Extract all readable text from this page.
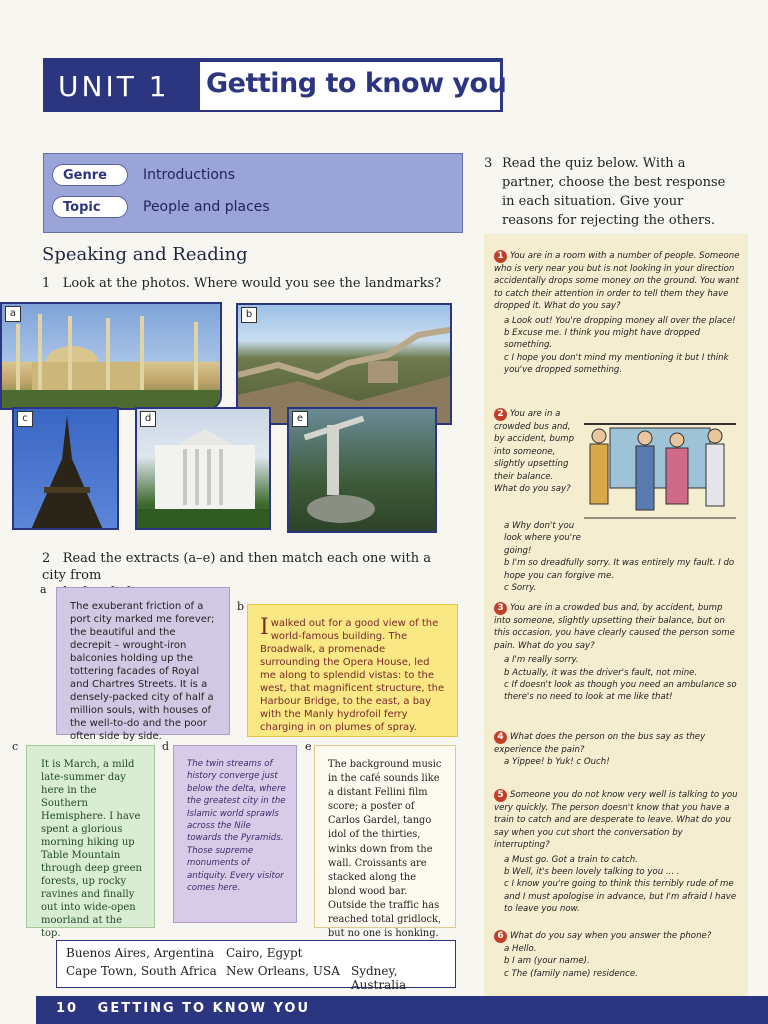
UNIT 1 Getting to know you
Genre	Introductions
Topic	People and places
Speaking and Reading
1 Look at the photos. Where would you see the landmarks?
a	b
c	d	e
2 Read the extracts (a–e) and then match each one with a city from

a
The exuberant friction of a port city marked me forever; the beautiful and the decrepit – wrought-iron balconies holding up the tottering facades of Royal and Chartres Streets. It is a densely-packed city of half a million souls, with houses of the well-to-do and the poor often side by side.
b
I walked out for a good view of the world-famous building. The Broadwalk, a promenade surrounding the Opera House, led me along to splendid vistas: to the west, that magnificent structure, the Harbour Bridge, to the east, a bay with the Manly hydrofoil ferry charging in on plumes of spray.
c
It is March, a mild late-summer day here in the Southern Hemisphere. I have spent a glorious morning hiking up Table Mountain through deep green forests, up rocky ravines and finally out into wide-open moorland at the top.
d
The twin streams of history converge just below the delta, where the greatest city in the Islamic world sprawls across the Nile towards the Pyramids. Those supreme monuments of antiquity. Every visitor comes here.
e
The background music in the café sounds like a distant Fellini film score; a poster of Carlos Gardel, tango idol of the thirties, winks down from the wall. Croissants are stacked along the blond wood bar. Outside the traffic has reached total gridlock, but no one is honking.
Buenos Aires, Argentina Cairo, Egypt
Cape Town, South Africa New Orleans, USA Sydney, Australia
3 Read the quiz below. With a
partner, choose the best response
in each situation. Give your
reasons for rejecting the others.
1 You are in a room with a number of people. Someone who is very near you but is not looking in your direction accidentally drops some money on the ground. You want to catch their attention in order to tell them they have dropped it. What do you say?
a Look out! You're dropping money all over the place!
b Excuse me. I think you might have dropped something.
c I hope you don't mind my mentioning it but I think you've dropped something.
2 You are in a
crowded bus and,
by accident, bump
into someone,
slightly upsetting
their balance.
What do you say?
a Why don't you look where you're going!
b I'm so dreadfully sorry. It was entirely my fault. I do hope you can forgive me.
c Sorry.
3 You are in a crowded bus and, by accident, bump into someone, slightly upsetting their balance, but on this occasion, you have clearly caused the person some pain. What do you say?
a I'm really sorry.
b Actually, it was the driver's fault, not mine.
c If doesn't look as though you need an ambulance so there's no need to look at me like that!
4 What does the person on the bus say as they experience the pain?
a Yippee! b Yuk! c Ouch!
5 Someone you do not know very well is talking to you very quickly. The person doesn't know that you have a train to catch and are desperate to leave. What do you say when you cut short the conversation by interrupting?
a Must go. Got a train to catch.
b Well, it's been lovely talking to you ... .
c I know you're going to think this terribly rude of me and I must apologise in advance, but I'm afraid I have to leave you now.
6 What do you say when you answer the phone?
a Hello.
b I am (your name).
c The (family name) residence.
10 GETTING TO KNOW YOU
